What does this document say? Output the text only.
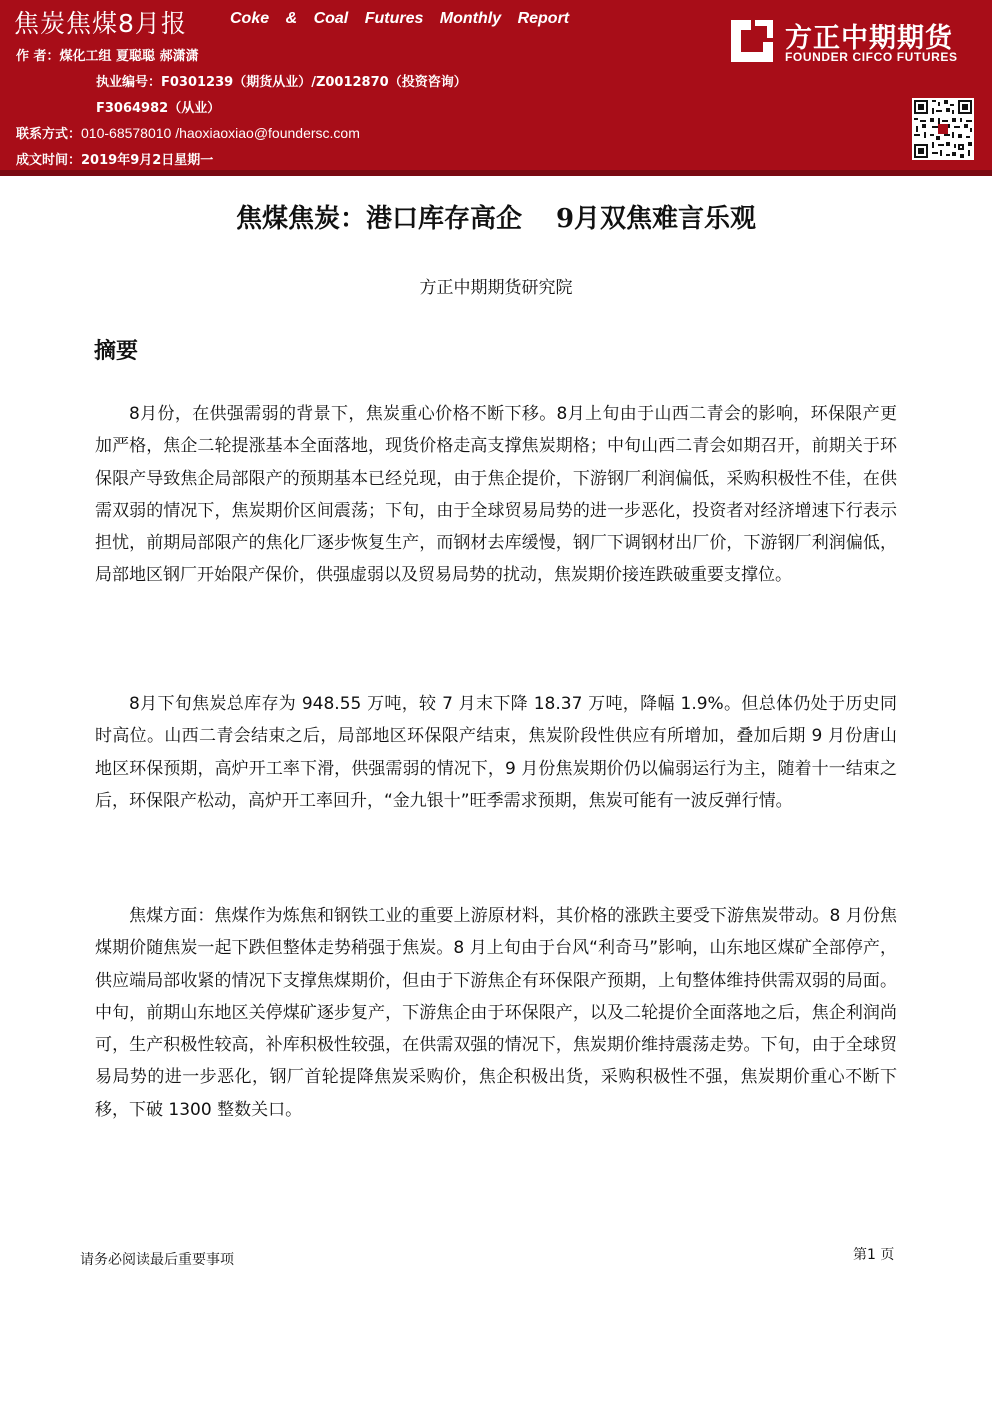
焦炭焦煤8月报	Coke & Coal Futures Monthly Report
作 者：煤化工组 夏聪聪 郝潇潇
执业编号：F0301239（期货从业）/Z0012870（投资咨询）
F3064982（从业）
联系方式：010-68578010 /haoxiaoxiao@foundersc.com
成文时间：2019年9月2日星期一
方正中期期货
FOUNDER CIFCO FUTURES
焦煤焦炭：港口库存高企 9月双焦难言乐观
方正中期期货研究院
摘要

8月份，在供强需弱的背景下，焦炭重心价格不断下移。8月上旬由于山西二青会的影响，环保限产更加严格，焦企二轮提涨基本全面落地，现货价格走高支撑焦炭期格；中旬山西二青会如期召开，前期关于环保限产导致焦企局部限产的预期基本已经兑现，由于焦企提价，下游钢厂利润偏低，采购积极性不佳，在供需双弱的情况下，焦炭期价区间震荡；下旬，由于全球贸易局势的进一步恶化，投资者对经济增速下行表示担忧，前期局部限产的焦化厂逐步恢复生产，而钢材去库缓慢，钢厂下调钢材出厂价，下游钢厂利润偏低，局部地区钢厂开始限产保价，供强虚弱以及贸易局势的扰动，焦炭期价接连跌破重要支撑位。

8月下旬焦炭总库存为 948.55 万吨，较 7 月末下降 18.37 万吨，降幅 1.9%。但总体仍处于历史同时高位。山西二青会结束之后，局部地区环保限产结束，焦炭阶段性供应有所增加，叠加后期 9 月份唐山地区环保预期，高炉开工率下滑，供强需弱的情况下，9 月份焦炭期价仍以偏弱运行为主，随着十一结束之后，环保限产松动，高炉开工率回升，“金九银十”旺季需求预期，焦炭可能有一波反弹行情。

焦煤方面：焦煤作为炼焦和钢铁工业的重要上游原材料，其价格的涨跌主要受下游焦炭带动。8 月份焦煤期价随焦炭一起下跌但整体走势稍强于焦炭。8 月上旬由于台风“利奇马”影响，山东地区煤矿全部停产，供应端局部收紧的情况下支撑焦煤期价，但由于下游焦企有环保限产预期，上旬整体维持供需双弱的局面。中旬，前期山东地区关停煤矿逐步复产，下游焦企由于环保限产，以及二轮提价全面落地之后，焦企利润尚可，生产积极性较高，补库积极性较强，在供需双强的情况下，焦炭期价维持震荡走势。下旬，由于全球贸易局势的进一步恶化，钢厂首轮提降焦炭采购价，焦企积极出货，采购积极性不强，焦炭期价重心不断下移，下破 1300 整数关口。

请务必阅读最后重要事项	第1 页
